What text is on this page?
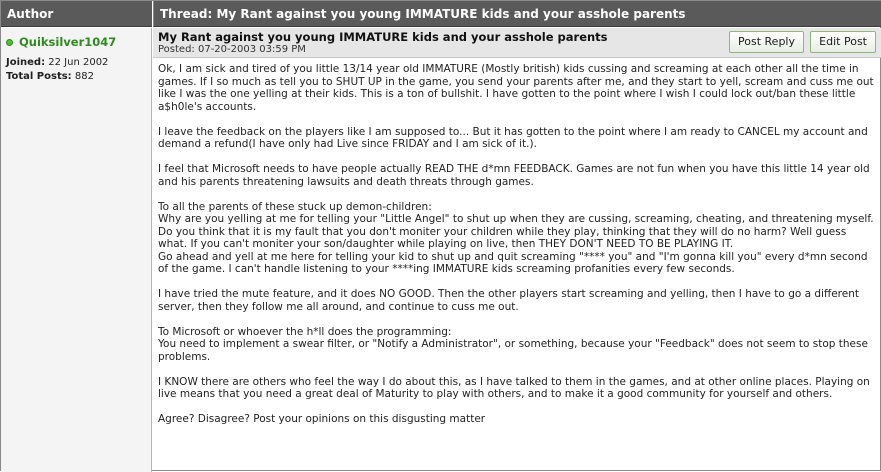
Author	Thread: My Rant against you young IMMATURE kids and your asshole parents
Quiksilver1047
Joined: 22 Jun 2002
Total Posts: 882
My Rant against you young IMMATURE kids and your asshole parents
Posted: 07-20-2003 03:59 PM
Post Reply	Edit Post

Ok, I am sick and tired of you little 13/14 year old IMMATURE (Mostly british) kids cussing and screaming at each other all the time in games. If I so much as tell you to SHUT UP in the game, you send your parents after me, and they start to yell, scream and cuss me out like I was the one yelling at their kids. This is a ton of bullshit. I have gotten to the point where I wish I could lock out/ban these little a$h0le's accounts.

I leave the feedback on the players like I am supposed to... But it has gotten to the point where I am ready to CANCEL my account and demand a refund(I have only had Live since FRIDAY and I am sick of it.).

I feel that Microsoft needs to have people actually READ THE d*mn FEEDBACK. Games are not fun when you have this little 14 year old and his parents threatening lawsuits and death threats through games.

To all the parents of these stuck up demon-children:
Why are you yelling at me for telling your "Little Angel" to shut up when they are cussing, screaming, cheating, and threatening myself. Do you think that it is my fault that you don't moniter your children while they play, thinking that they will do no harm? Well guess what. If you can't moniter your son/daughter while playing on live, then THEY DON'T NEED TO BE PLAYING IT.
Go ahead and yell at me here for telling your kid to shut up and quit screaming "**** you" and "I'm gonna kill you" every d*mn second of the game. I can't handle listening to your ****ing IMMATURE kids screaming profanities every few seconds.

I have tried the mute feature, and it does NO GOOD. Then the other players start screaming and yelling, then I have to go a different server, then they follow me all around, and continue to cuss me out.

To Microsoft or whoever the h*ll does the programming:
You need to implement a swear filter, or "Notify a Administrator", or something, because your "Feedback" does not seem to stop these problems.

I KNOW there are others who feel the way I do about this, as I have talked to them in the games, and at other online places. Playing on live means that you need a great deal of Maturity to play with others, and to make it a good community for yourself and others.

Agree? Disagree? Post your opinions on this disgusting matter
